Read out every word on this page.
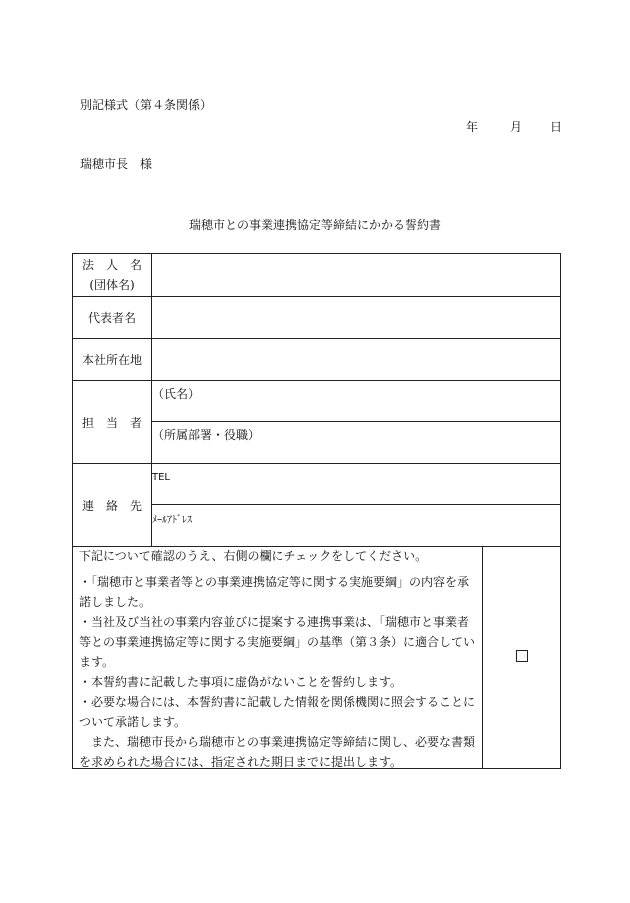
別記様式（第４条関係）
年	月 日
瑞穂市長　様
瑞穂市との事業連携協定等締結にかかる誓約書
法　人　名
(団体名)	

代表者名	
本社所在地	
担　当　者	（氏名）
	（所属部署・役職）
連　絡　先	TEL
	ﾒｰﾙｱﾄﾞﾚｽ

下記について確認のうえ、右側の欄にチェックをしてください。

・「瑞穂市と事業者等との事業連携協定等に関する実施要綱」の内容を承諾しました。

・当社及び当社の事業内容並びに提案する連携事業は、「瑞穂市と事業者等との事業連携協定等に関する実施要綱」の基準（第３条）に適合しています。

・本誓約書に記載した事項に虚偽がないことを誓約します。

・必要な場合には、本誓約書に記載した情報を関係機関に照会することについて承諾します。

　また、瑞穂市長から瑞穂市との事業連携協定等締結に関し、必要な書類を求められた場合には、指定された期日までに提出します。
